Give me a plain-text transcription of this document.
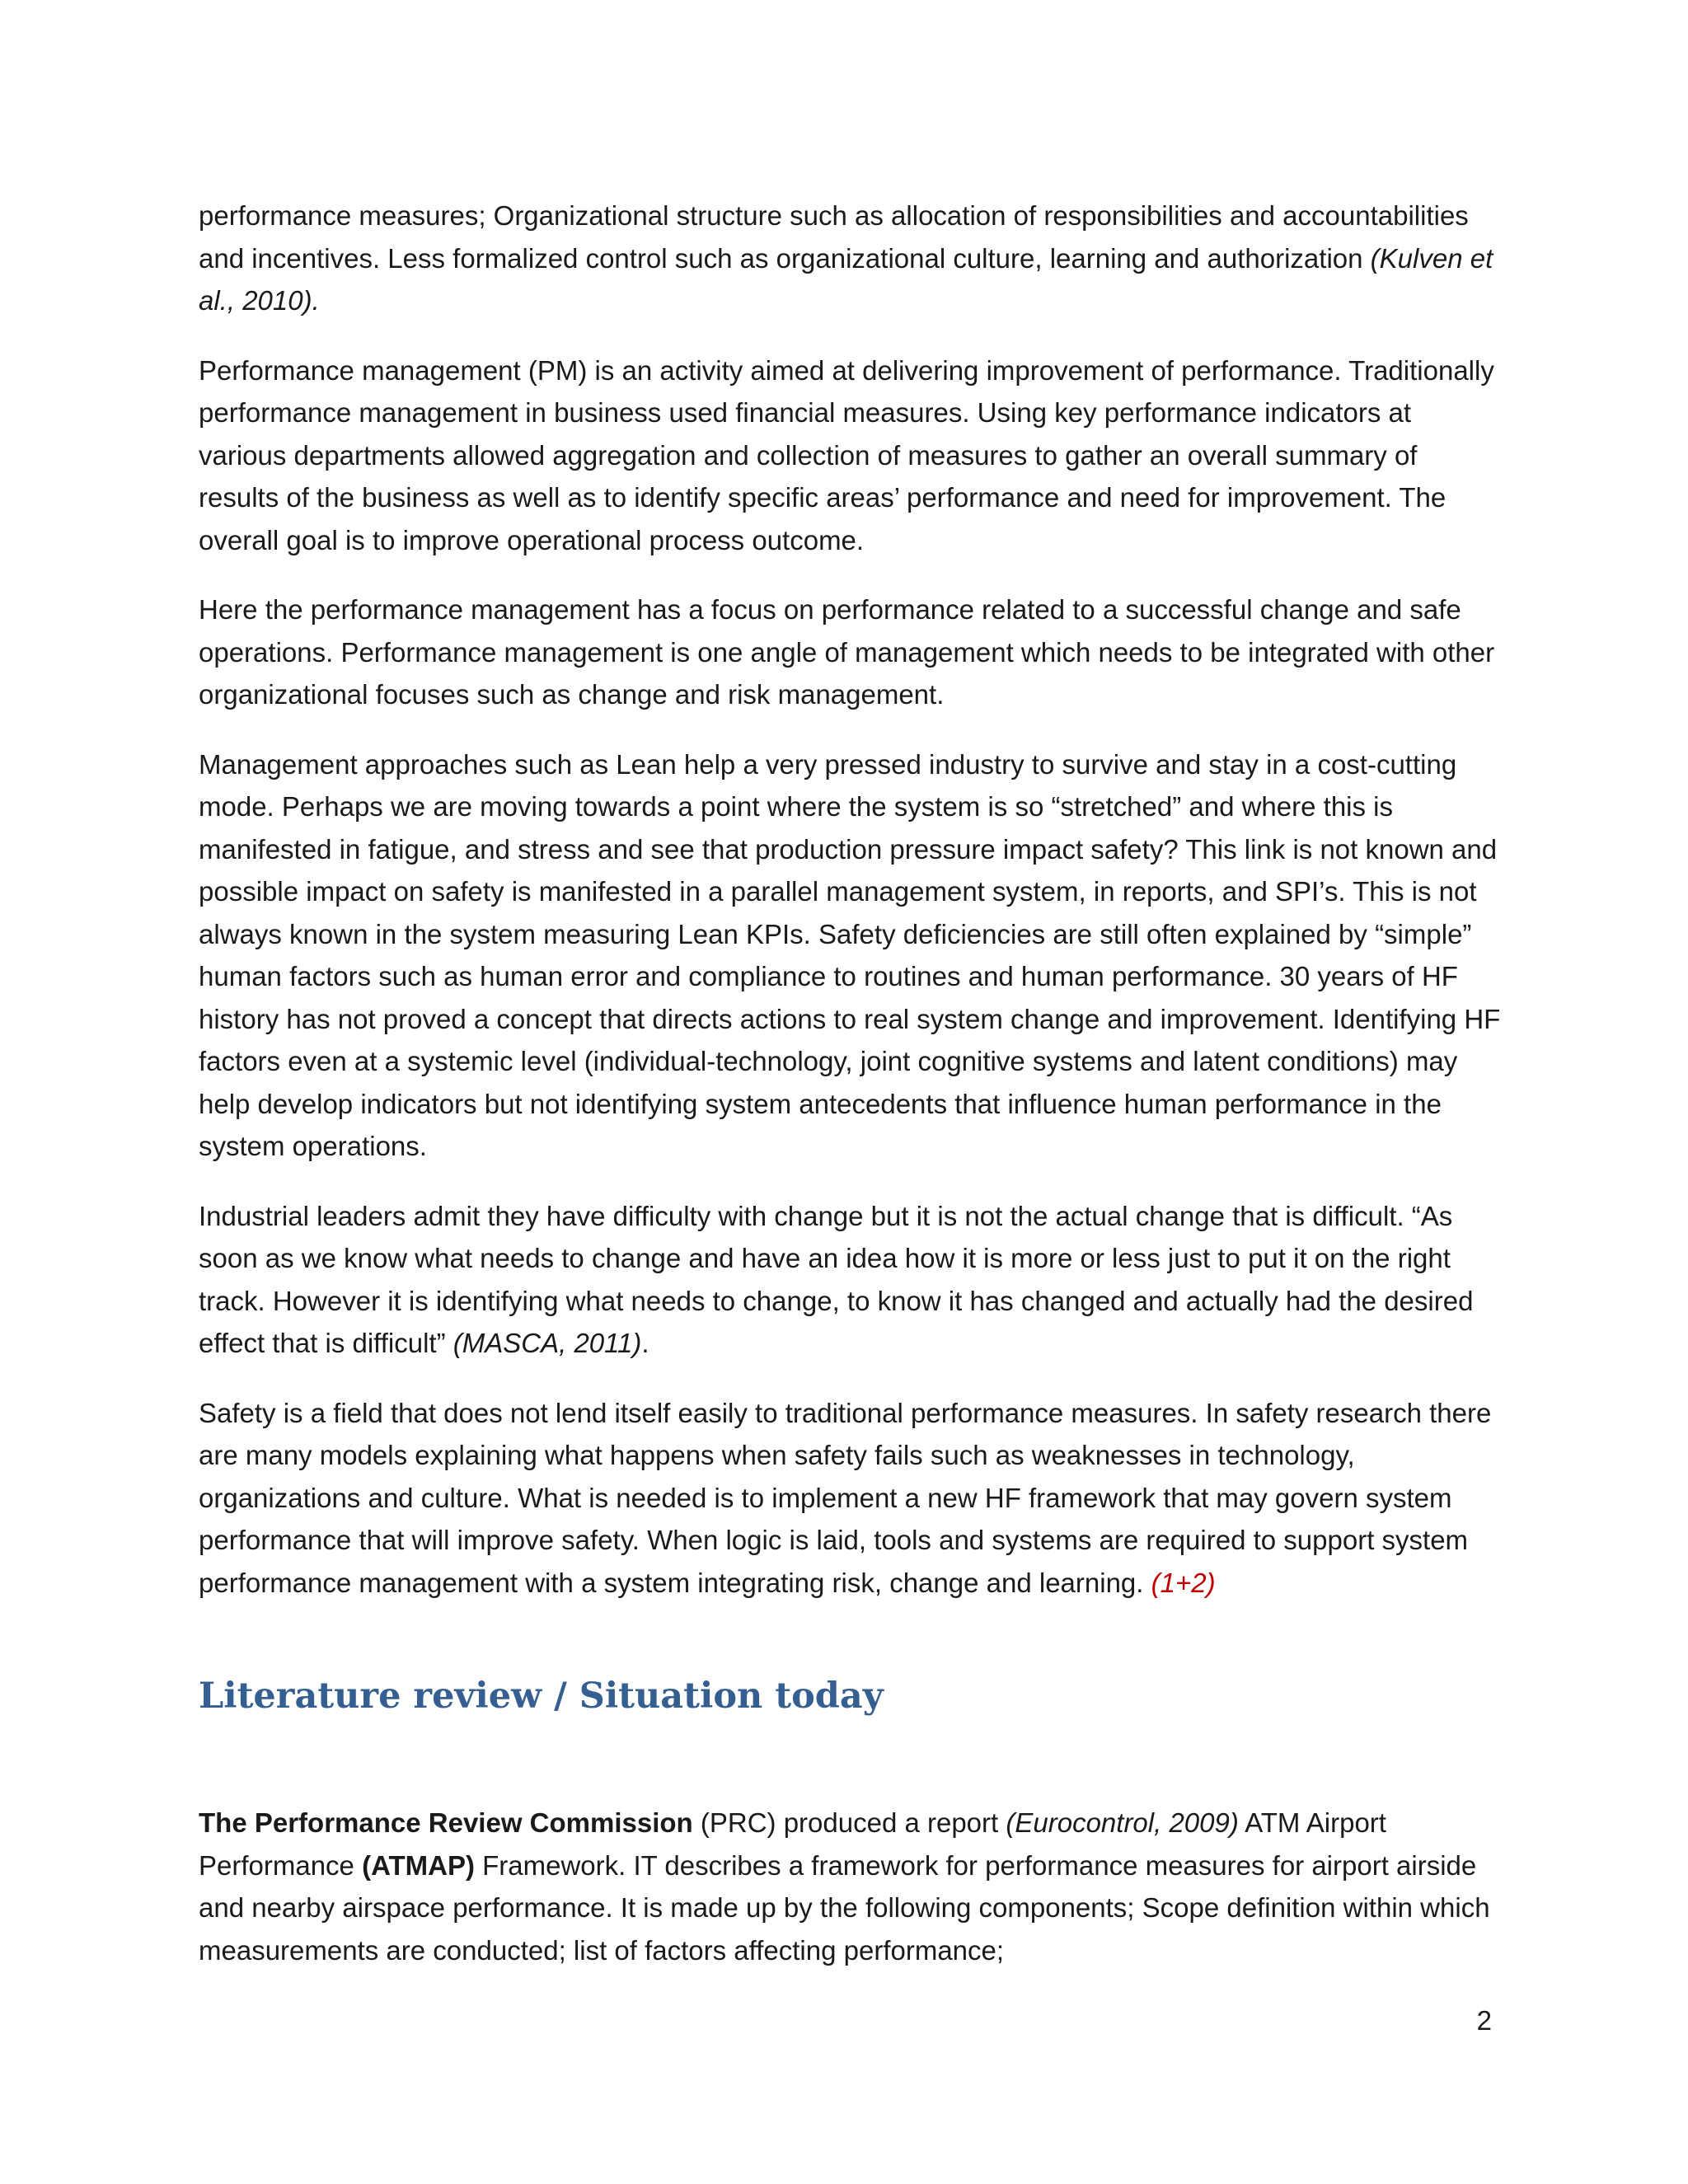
performance measures; Organizational structure such as allocation of responsibilities and accountabilities and incentives. Less formalized control such as organizational culture, learning and authorization (Kulven et al., 2010).

Performance management (PM) is an activity aimed at delivering improvement of performance. Traditionally performance management in business used financial measures. Using key performance indicators at various departments allowed aggregation and collection of measures to gather an overall summary of results of the business as well as to identify specific areas’ performance and need for improvement. The overall goal is to improve operational process outcome.

Here the performance management has a focus on performance related to a successful change and safe operations. Performance management is one angle of management which needs to be integrated with other organizational focuses such as change and risk management.

Management approaches such as Lean help a very pressed industry to survive and stay in a cost-cutting mode. Perhaps we are moving towards a point where the system is so “stretched” and where this is manifested in fatigue, and stress and see that production pressure impact safety? This link is not known and possible impact on safety is manifested in a parallel management system, in reports, and SPI’s. This is not always known in the system measuring Lean KPIs. Safety deficiencies are still often explained by “simple” human factors such as human error and compliance to routines and human performance. 30 years of HF history has not proved a concept that directs actions to real system change and improvement. Identifying HF factors even at a systemic level (individual-technology, joint cognitive systems and latent conditions) may help develop indicators but not identifying system antecedents that influence human performance in the system operations.

Industrial leaders admit they have difficulty with change but it is not the actual change that is difficult. “As soon as we know what needs to change and have an idea how it is more or less just to put it on the right track. However it is identifying what needs to change, to know it has changed and actually had the desired effect that is difficult” (MASCA, 2011).

Safety is a field that does not lend itself easily to traditional performance measures. In safety research there are many models explaining what happens when safety fails such as weaknesses in technology, organizations and culture. What is needed is to implement a new HF framework that may govern system performance that will improve safety. When logic is laid, tools and systems are required to support system performance management with a system integrating risk, change and learning. (1+2)

Literature review / Situation today

The Performance Review Commission (PRC) produced a report (Eurocontrol, 2009) ATM Airport Performance (ATMAP) Framework. IT describes a framework for performance measures for airport airside and nearby airspace performance. It is made up by the following components; Scope definition within which measurements are conducted; list of factors affecting performance;

2
